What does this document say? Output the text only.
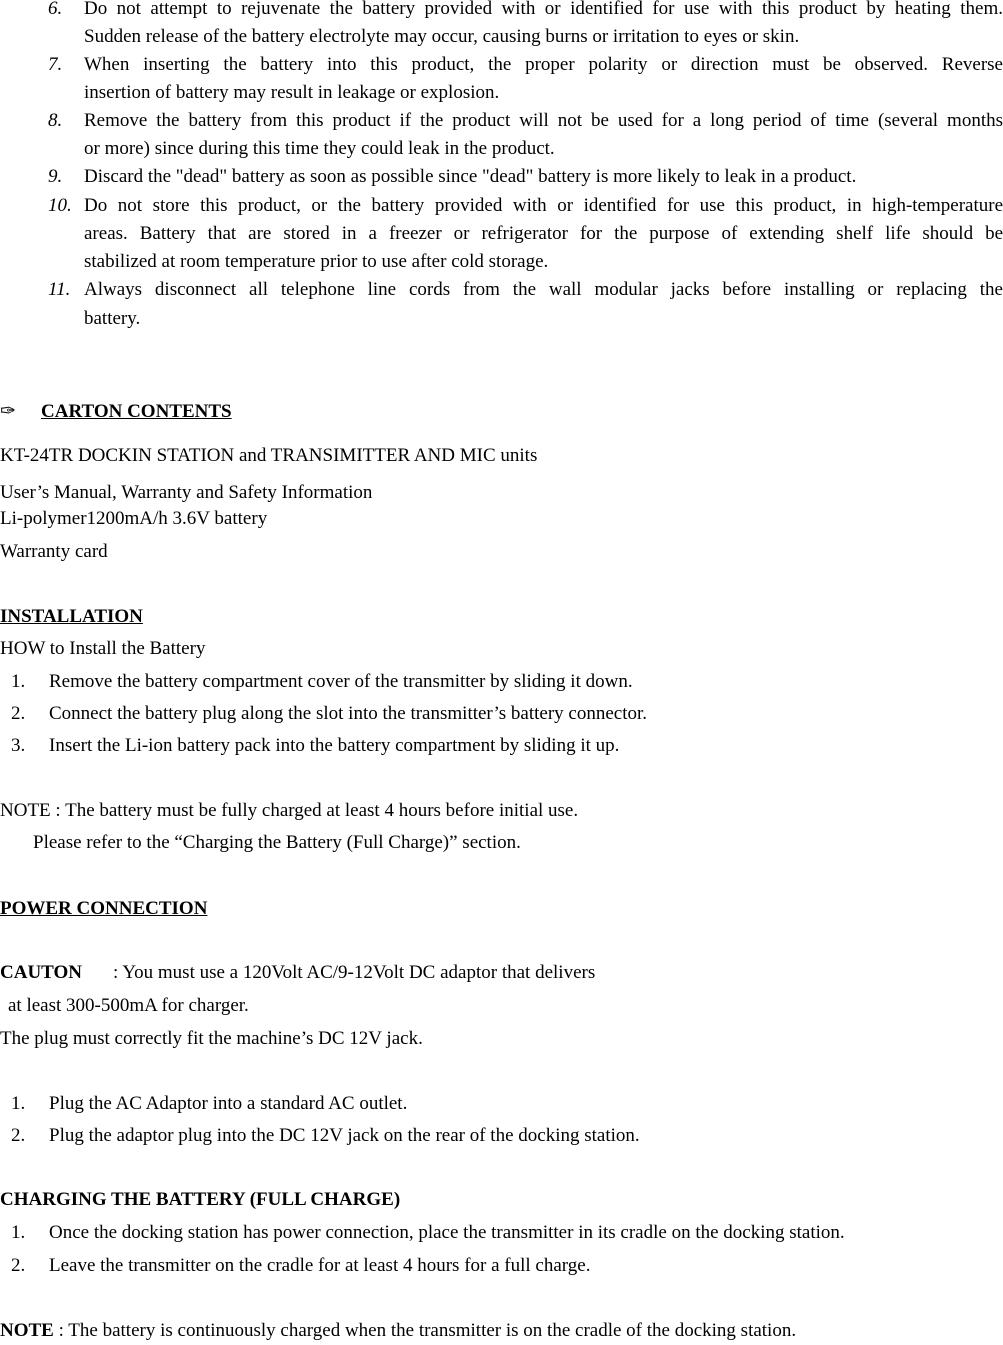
6. Do not attempt to rejuvenate the battery provided with or identified for use with this product by heating them.
Sudden release of the battery electrolyte may occur, causing burns or irritation to eyes or skin.
7. When inserting the battery into this product, the proper polarity or direction must be observed. Reverse
insertion of battery may result in leakage or explosion.
8. Remove the battery from this product if the product will not be used for a long period of time (several months
or more) since during this time they could leak in the product.
9. Discard the "dead" battery as soon as possible since "dead" battery is more likely to leak in a product.
10. Do not store this product, or the battery provided with or identified for use this product, in high-temperature
areas. Battery that are stored in a freezer or refrigerator for the purpose of extending shelf life should be
stabilized at room temperature prior to use after cold storage.
11. Always disconnect all telephone line cords from the wall modular jacks before installing or replacing the
battery.
✑ CARTON CONTENTS
KT-24TR DOCKIN STATION and TRANSIMITTER AND MIC units
User’s Manual, Warranty and Safety Information
Li-polymer1200mA/h 3.6V battery
Warranty card
INSTALLATION
HOW to Install the Battery
1. Remove the battery compartment cover of the transmitter by sliding it down.
2. Connect the battery plug along the slot into the transmitter’s battery connector.
3. Insert the Li-ion battery pack into the battery compartment by sliding it up.
NOTE : The battery must be fully charged at least 4 hours before initial use.
Please refer to the “Charging the Battery (Full Charge)” section.
POWER CONNECTION
CAUTON : You must use a 120Volt AC/9-12Volt DC adaptor that delivers
at least 300-500mA for charger.
The plug must correctly fit the machine’s DC 12V jack.
1. Plug the AC Adaptor into a standard AC outlet.
2. Plug the adaptor plug into the DC 12V jack on the rear of the docking station.
CHARGING THE BATTERY (FULL CHARGE)
1. Once the docking station has power connection, place the transmitter in its cradle on the docking station.
2. Leave the transmitter on the cradle for at least 4 hours for a full charge.
NOTE : The battery is continuously charged when the transmitter is on the cradle of the docking station.
